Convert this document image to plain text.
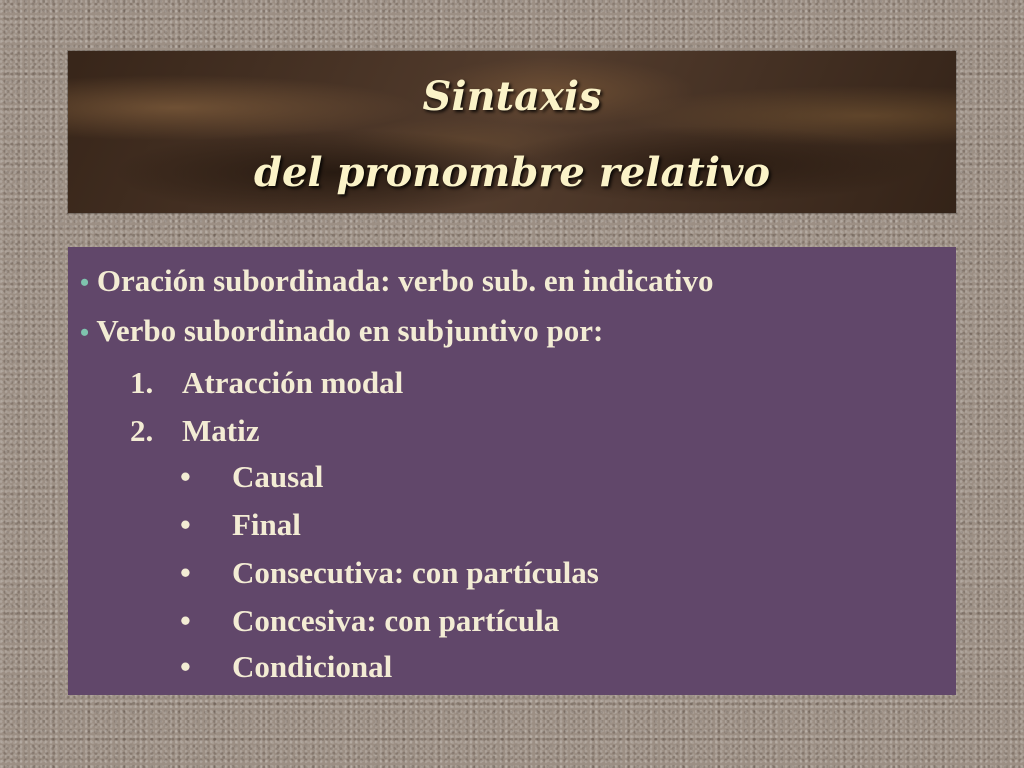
Sintaxis
del pronombre relativo
• Oración subordinada: verbo sub. en indicativo
• Verbo subordinado en subjuntivo por:
1. Atracción modal
2. Matiz
• Causal
• Final
• Consecutiva: con partículas
• Concesiva: con partícula
• Condicional
